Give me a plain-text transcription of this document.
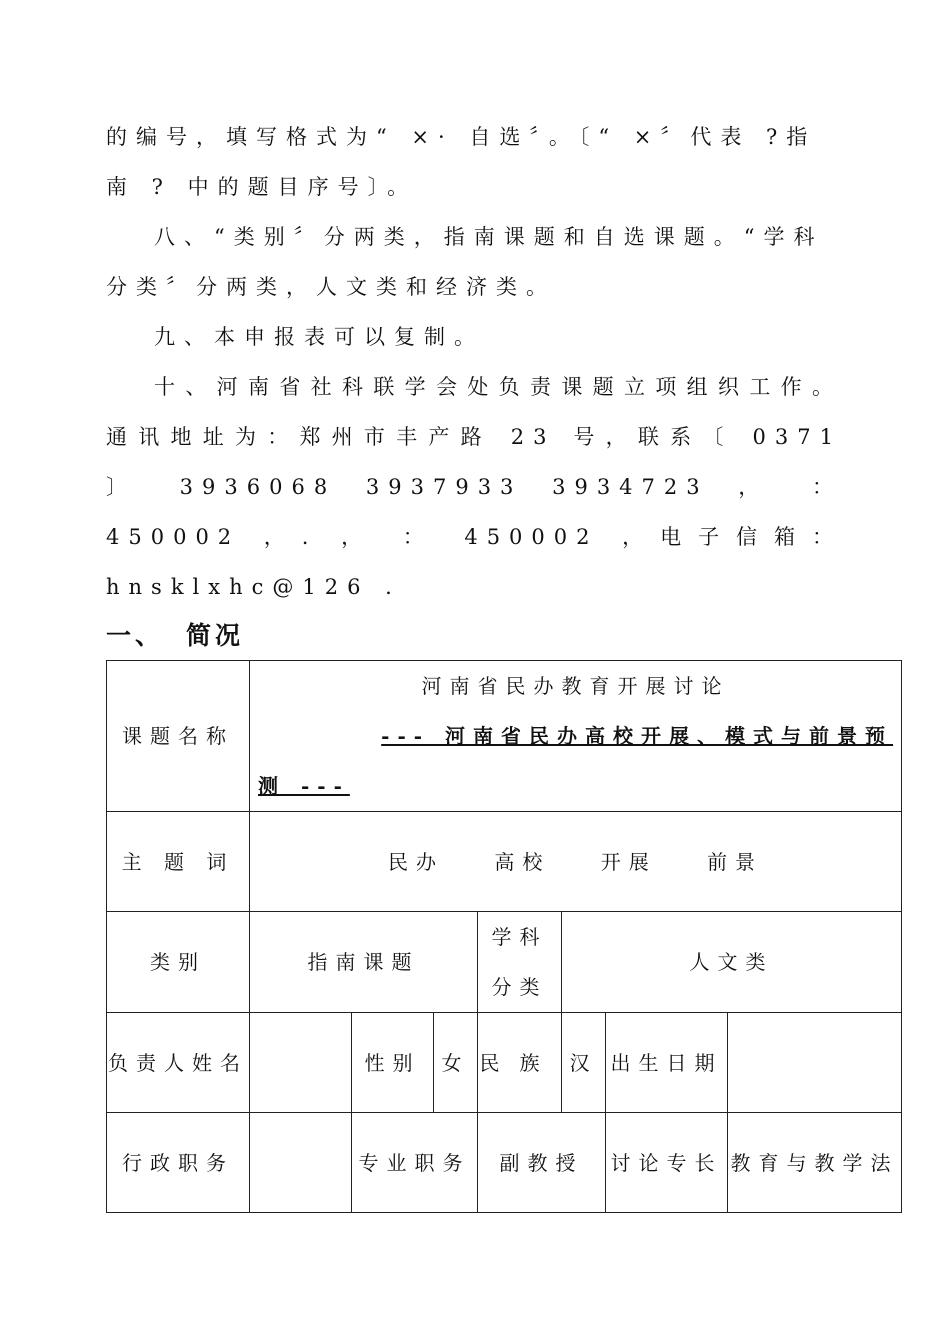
的编号，填写格式为“ ×· 自选〞。〔“ ×〞代表 ?指南 ? 中的题目序号〕。

八、“类别〞分两类，指南课题和自选课题。“学科分类〞分两类，人文类和经济类。

九、本申报表可以复制。

十、河南省社科联学会处负责课题立项组织工作。通讯地址为：郑州市丰产路 23 号，联系〔 0371 〕 3936068 3937933 3934723 ， ： 450002 ，. ， ： 450002 ，电子信箱： hnsklxhc@126 .

一、 简况
课题名称	河南省民办教育开展讨论
--- 河南省民办高校开展、模式与前景预
测 ---						

主 题 词	民办 高校 开展 前景						
类别	指南课题			学科分类	人文类		
负责人姓名		性别	女	民族	汉	出生日期	
行政职务		专业职务		副教授		讨论专长	教育与教学法
